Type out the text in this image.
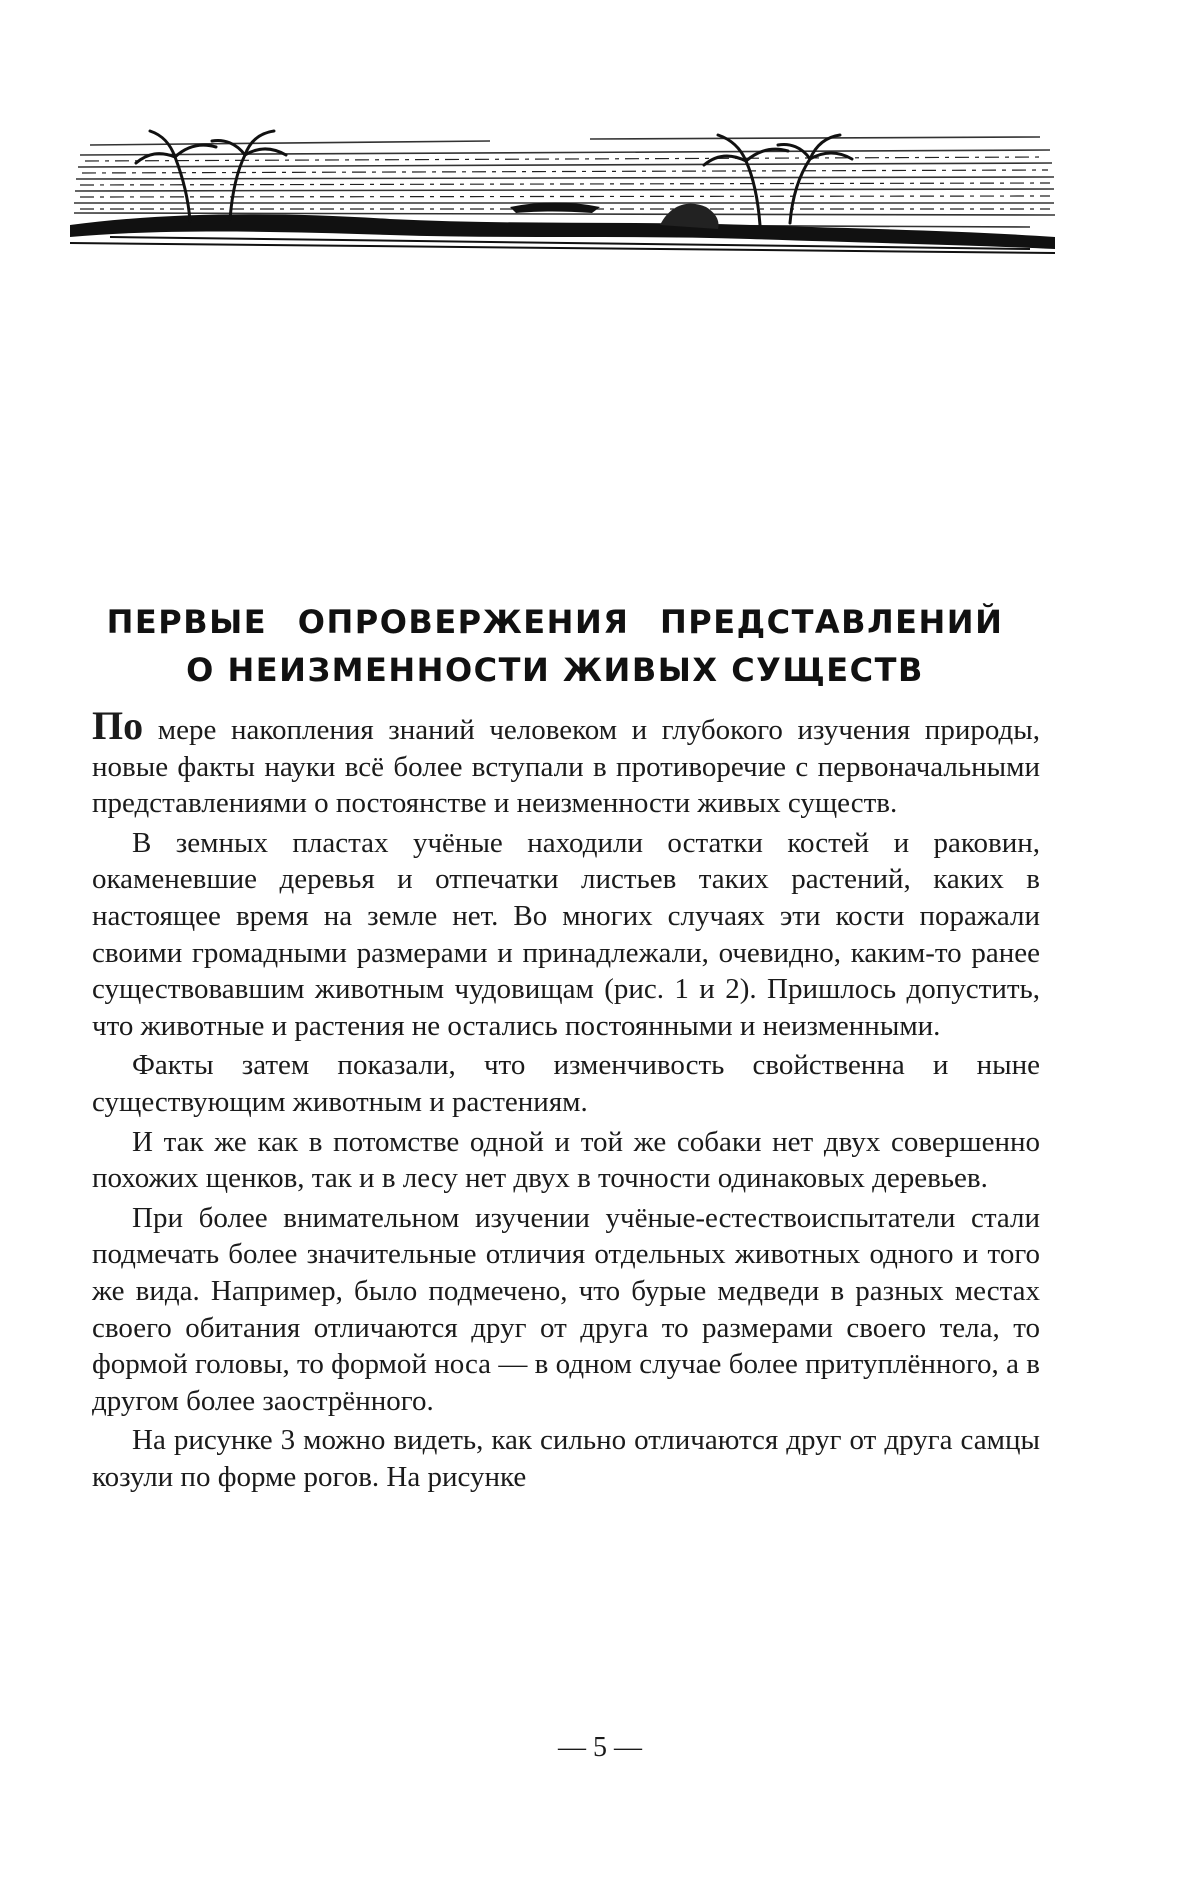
ПЕРВЫЕ ОПРОВЕРЖЕНИЯ ПРЕДСТАВЛЕНИЙ
О НЕИЗМЕННОСТИ ЖИВЫХ СУЩЕСТВ

По мере накопления знаний человеком и глубокого изучения природы, новые факты науки всё более вступали в противоречие с первоначальными представлениями о постоянстве и неизменности живых существ.

В земных пластах учёные находили остатки костей и раковин, окаменевшие деревья и отпечатки листьев таких растений, каких в настоящее время на земле нет. Во многих случаях эти кости поражали своими громадными размерами и принадлежали, очевидно, каким-то ранее существовавшим животным чудовищам (рис. 1 и 2). Пришлось допустить, что животные и растения не остались постоянными и неизменными.

Факты затем показали, что изменчивость свойственна и ныне существующим животным и растениям.

И так же как в потомстве одной и той же собаки нет двух совершенно похожих щенков, так и в лесу нет двух в точности одинаковых деревьев.

При более внимательном изучении учёные-естествоиспытатели стали подмечать более значительные отличия отдельных животных одного и того же вида. Например, было подмечено, что бурые медведи в разных местах своего обитания отличаются друг от друга то размерами своего тела, то формой головы, то формой носа — в одном случае более притуплённого, а в другом более заострённого.

На рисунке 3 можно видеть, как сильно отличаются друг от друга самцы козули по форме рогов. На рисунке

— 5 —
